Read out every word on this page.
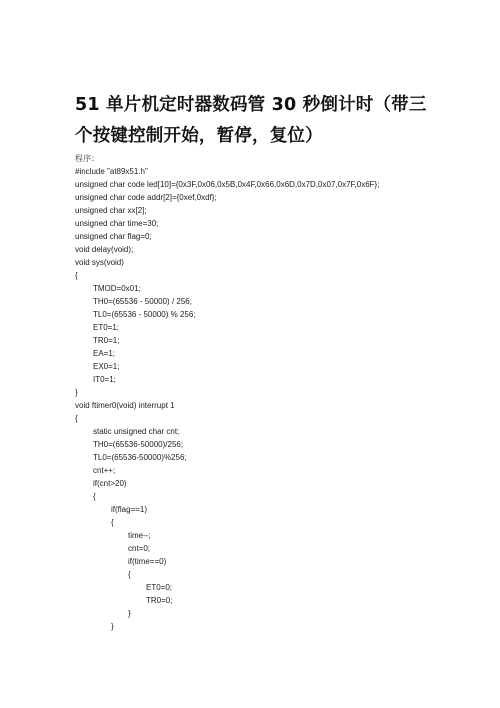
51 单片机定时器数码管 30 秒倒计时（带三
个按键控制开始，暂停，复位）
程序：
#include "at89x51.h"
unsigned char code led[10]={0x3F,0x06,0x5B,0x4F,0x66,0x6D,0x7D,0x07,0x7F,0x6F};
unsigned char code addr[2]={0xef,0xdf};
unsigned char xx[2];
unsigned char time=30;
unsigned char flag=0;
void delay(void);
void sys(void)
{
TMOD=0x01;
TH0=(65536 - 50000) / 256;
TL0=(65536 - 50000) % 256;
ET0=1;
TR0=1;
EA=1;
EX0=1;
IT0=1;
}
void ftimer0(void) interrupt 1
{
static unsigned char cnt;
TH0=(65536-50000)/256;
TL0=(65536-50000)%256;
cnt++;
if(cnt>20)
{
if(flag==1)
{
time--;
cnt=0;
if(time==0)
{
ET0=0;
TR0=0;
}
}
